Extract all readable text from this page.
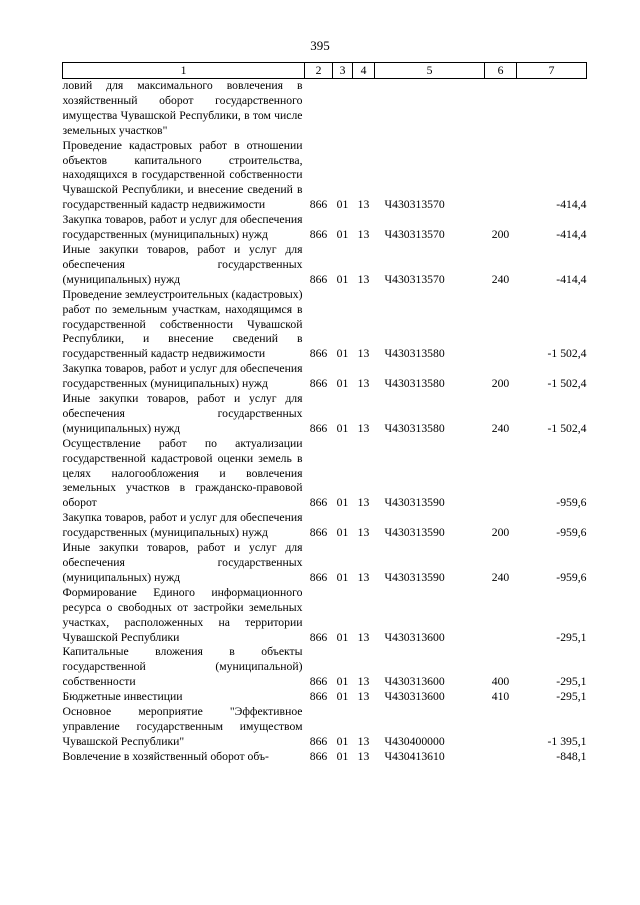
395
1	2	3	4	5	6	7
ловий для максимального вовлечения в хозяйственный оборот государственного имущества Чувашской Республики, в том числе земельных участков"						
Проведение кадастровых работ в отношении объектов капитального строительства, находящихся в государственной собственности Чувашской Республики, и внесение сведений в государственный кадастр недвижимости	866	01	13	Ч430313570		-414,4
Закупка товаров, работ и услуг для обеспечения государственных (муниципальных) нужд	866	01	13	Ч430313570	200	-414,4
Иные закупки товаров, работ и услуг для обеспечения государственных (муниципальных) нужд	866	01	13	Ч430313570	240	-414,4
Проведение землеустроительных (кадастровых) работ по земельным участкам, находящимся в государственной собственности Чувашской Республики, и внесение сведений в государственный кадастр недвижимости	866	01	13	Ч430313580		-1 502,4
Закупка товаров, работ и услуг для обеспечения государственных (муниципальных) нужд	866	01	13	Ч430313580	200	-1 502,4
Иные закупки товаров, работ и услуг для обеспечения государственных (муниципальных) нужд	866	01	13	Ч430313580	240	-1 502,4
Осуществление работ по актуализации государственной кадастровой оценки земель в целях налогообложения и вовлечения земельных участков в гражданско-правовой оборот	866	01	13	Ч430313590		-959,6
Закупка товаров, работ и услуг для обеспечения государственных (муниципальных) нужд	866	01	13	Ч430313590	200	-959,6
Иные закупки товаров, работ и услуг для обеспечения государственных (муниципальных) нужд	866	01	13	Ч430313590	240	-959,6
Формирование Единого информационного ресурса о свободных от застройки земельных участках, расположенных на территории Чувашской Республики	866	01	13	Ч430313600		-295,1
Капитальные вложения в объекты государственной (муниципальной) собственности	866	01	13	Ч430313600	400	-295,1
Бюджетные инвестиции	866	01	13	Ч430313600	410	-295,1
Основное мероприятие "Эффективное управление государственным имуществом Чувашской Республики"	866	01	13	Ч430400000		-1 395,1
Вовлечение в хозяйственный оборот объ-	866	01	13	Ч430413610		-848,1
